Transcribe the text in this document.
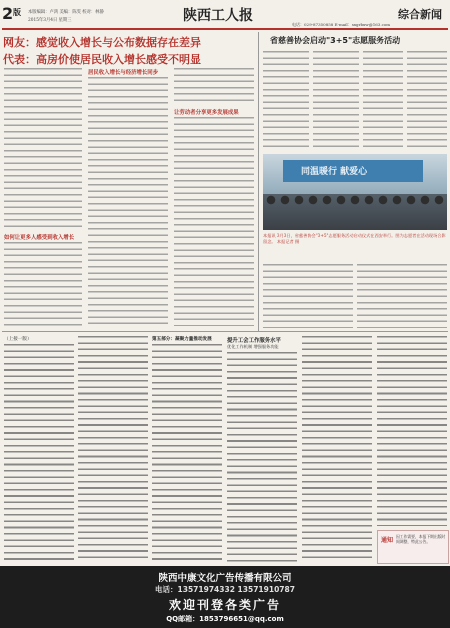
2 版 本版编辑：卢鸿 美编：陈雯 校对：林静
2015年3月4日 星期三	陕西工人报	综合新闻
电话：029-87350858 E-mail：sxgrbxw@163.com
网友：感觉收入增长与公布数据存在差异
代表：高房价使居民收入增长感受不明显
如何让更多人感受到收入增长
居民收入增长与经济增长同步
让劳动者分享更多发展成果
省慈善协会启动"3+5"志愿服务活动
同温暖行 献爱心
本报讯 3月3日，省慈善协会"3+5"志愿服务活动启动仪式在西安举行。图为志愿者在活动现场合影留念。 本报记者 摄
（上接一版）	第五部分：凝聚力量推动发展	提升工会工作服务水平
优化工作机制 增强服务功能
通知
因工作需要，本报下期出版时间调整，特此公告。
陕西中康文化广告传播有限公司
电话：13571974332 13571910787
欢迎刊登各类广告
QQ邮箱：1853796651@qq.com
